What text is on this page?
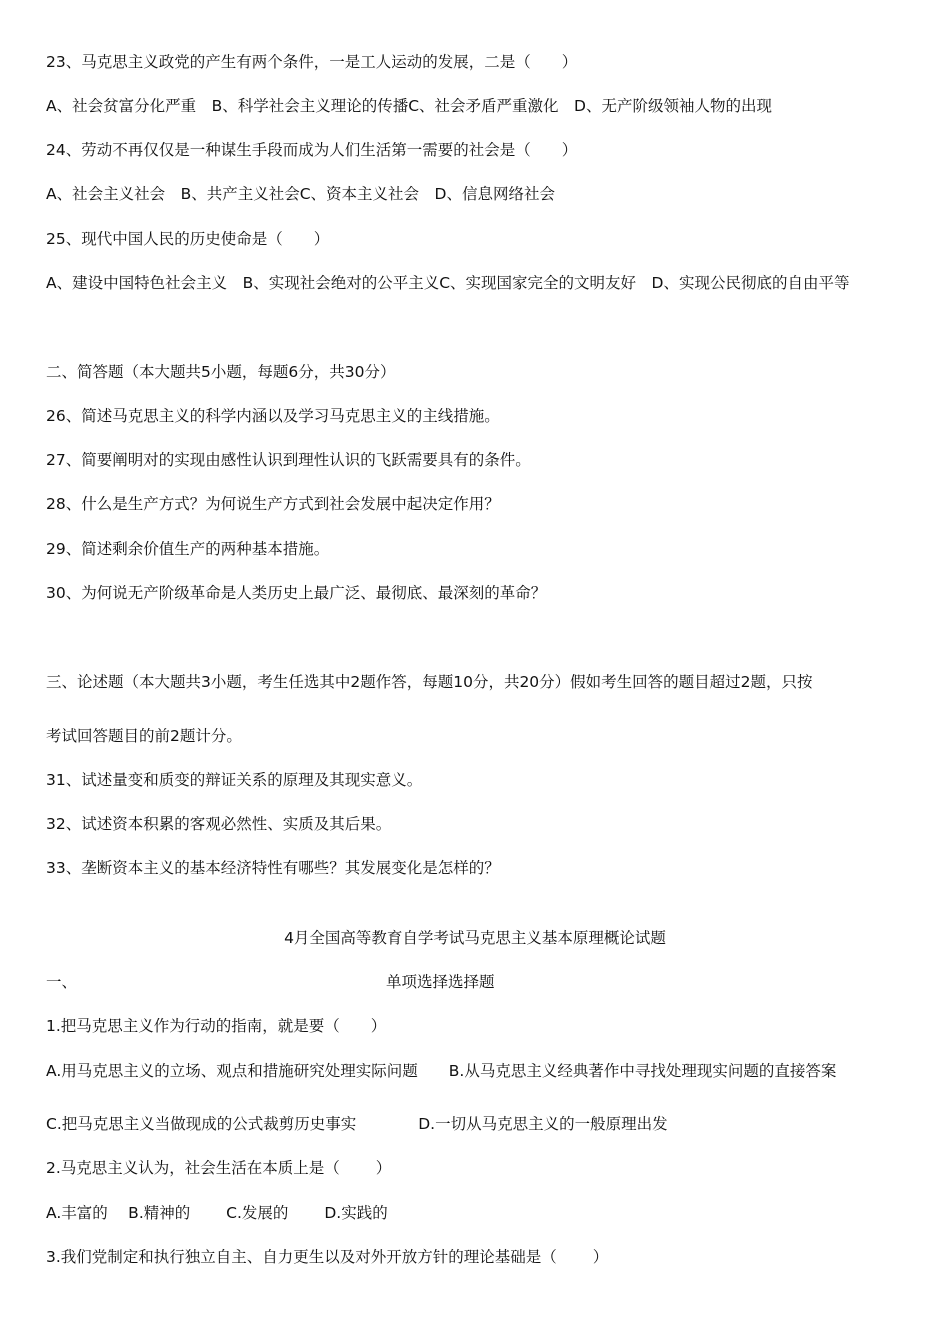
23、马克思主义政党的产生有两个条件，一是工人运动的发展，二是（　　）
A、社会贫富分化严重　B、科学社会主义理论的传播C、社会矛盾严重激化　D、无产阶级领袖人物的出现
24、劳动不再仅仅是一种谋生手段而成为人们生活第一需要的社会是（　　）
A、社会主义社会　B、共产主义社会C、资本主义社会　D、信息网络社会
25、现代中国人民的历史使命是（　　）
A、建设中国特色社会主义　B、实现社会绝对的公平主义C、实现国家完全的文明友好　D、实现公民彻底的自由平等
二、简答题（本大题共5小题，每题6分，共30分）
26、简述马克思主义的科学内涵以及学习马克思主义的主线措施。
27、简要阐明对的实现由感性认识到理性认识的飞跃需要具有的条件。
28、什么是生产方式？为何说生产方式到社会发展中起决定作用？
29、简述剩余价值生产的两种基本措施。
30、为何说无产阶级革命是人类历史上最广泛、最彻底、最深刻的革命？
三、论述题（本大题共3小题，考生任选其中2题作答，每题10分，共20分）假如考生回答的题目超过2题，只按
考试回答题目的前2题计分。
31、试述量变和质变的辩证关系的原理及其现实意义。
32、试述资本积累的客观必然性、实质及其后果。
33、垄断资本主义的基本经济特性有哪些？其发展变化是怎样的？
4月全国高等教育自学考试马克思主义基本原理概论试题
一、	单项选择选择题
1.把马克思主义作为行动的指南，就是要（　　）
A.用马克思主义的立场、观点和措施研究处理实际问题　　B.从马克思主义经典著作中寻找处理现实问题的直接答案
C.把马克思主义当做现成的公式裁剪历史事实　　　　D.一切从马克思主义的一般原理出发
2.马克思主义认为，社会生活在本质上是（　　 ）
A.丰富的　 B.精神的　　 C.发展的　　 D.实践的
3.我们党制定和执行独立自主、自力更生以及对外开放方针的理论基础是（　　 ）
